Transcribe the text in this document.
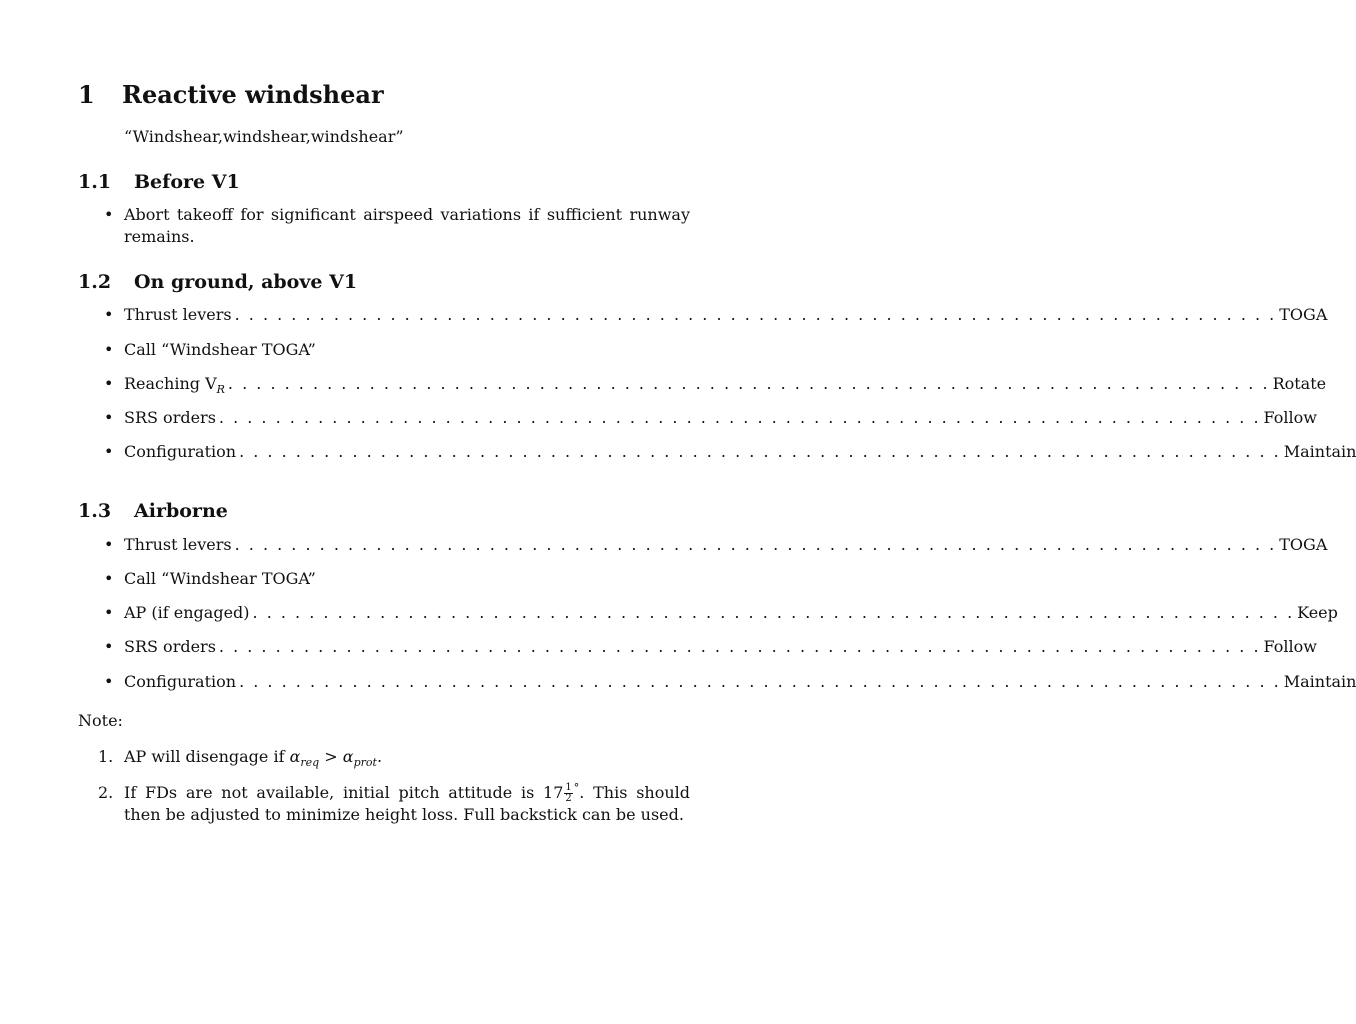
1 Reactive windshear
“Windshear,windshear,windshear”
1.1 Before V1
• Abort takeoff for significant airspeed variations if sufficient runway remains.
1.2 On ground, above V1
• Thrust levers . . . . . . . . . . . . . . . . . . . . . . . . . . . . . . . . . . . . . . . . . . . . . . . . . . . . . . . . . . . . . . . . . . . . . . . . . . TOGA
• Call “Windshear TOGA”
• Reaching $V_R$ . . . . . . . . . . . . . . . . . . . . . . . . . . . . . . . . . . . . . . . . . . . . . . . . . . . . . . . . . . . . . . . . . . . . . . . . . . Rotate
• SRS orders . . . . . . . . . . . . . . . . . . . . . . . . . . . . . . . . . . . . . . . . . . . . . . . . . . . . . . . . . . . . . . . . . . . . . . . . . . Follow
• Configuration . . . . . . . . . . . . . . . . . . . . . . . . . . . . . . . . . . . . . . . . . . . . . . . . . . . . . . . . . . . . . . . . . . . . . . . . . . Maintain
1.3 Airborne
• Thrust levers . . . . . . . . . . . . . . . . . . . . . . . . . . . . . . . . . . . . . . . . . . . . . . . . . . . . . . . . . . . . . . . . . . . . . . . . . . TOGA
• Call “Windshear TOGA”
• AP (if engaged) . . . . . . . . . . . . . . . . . . . . . . . . . . . . . . . . . . . . . . . . . . . . . . . . . . . . . . . . . . . . . . . . . . . . . . . . . . Keep
• SRS orders . . . . . . . . . . . . . . . . . . . . . . . . . . . . . . . . . . . . . . . . . . . . . . . . . . . . . . . . . . . . . . . . . . . . . . . . . . Follow
• Configuration . . . . . . . . . . . . . . . . . . . . . . . . . . . . . . . . . . . . . . . . . . . . . . . . . . . . . . . . . . . . . . . . . . . . . . . . . . Maintain
Note:
1. AP will disengage if $\alpha_{req} > \alpha_{prot}$.
2. If FDs are not available, initial pitch attitude is $17 \frac{1}{2} ^\circ$. This should then be adjusted to minimize height loss. Full backstick can be used.
